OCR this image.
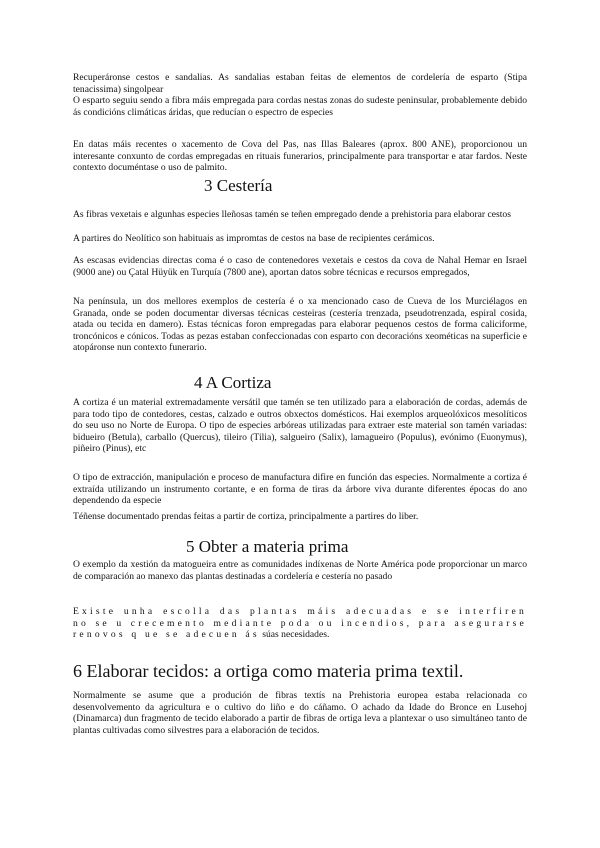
Recuperáronse cestos e sandalias. As sandalias estaban feitas de elementos de cordelería de esparto (Stipa tenacissima) singolpear

O esparto seguiu sendo a fibra máis empregada para cordas nestas zonas do sudeste peninsular, probablemente debido ás condicións climáticas áridas, que reducían o espectro de especies

En datas máis recentes o xacemento de Cova del Pas, nas Illas Baleares (aprox. 800 ANE), proporcionou un interesante conxunto de cordas empregadas en rituais funerarios, principalmente para transportar e atar fardos. Neste contexto documéntase o uso de palmito.

3 Cestería

As fibras vexetais e algunhas especies lleñosas tamén se teñen empregado dende a prehistoria para elaborar cestos

A partires do Neolítico son habituais as impromtas de cestos na base de recipientes cerámicos.

As escasas evidencias directas coma é o caso de contenedores vexetais e cestos da cova de Nahal Hemar en Israel (9000 ane) ou Çatal Hüyük en Turquía (7800 ane), aportan datos sobre técnicas e recursos empregados,

Na península, un dos mellores exemplos de cestería é o xa mencionado caso de Cueva de los Murciélagos en Granada, onde se poden documentar diversas técnicas cesteiras (cestería trenzada, pseudotrenzada, espiral cosida, atada ou tecida en damero). Estas técnicas foron empregadas para elaborar pequenos cestos de forma caliciforme, troncónicos e cónicos. Todas as pezas estaban confeccionadas con esparto con decoracións xeométicas na superficie e atopáronse nun contexto funerario.

4 A Cortiza

A cortiza é un material extremadamente versátil que tamén se ten utilizado para a elaboración de cordas, además de para todo tipo de contedores, cestas, calzado e outros obxectos domésticos. Hai exemplos arqueolóxicos mesolíticos do seu uso no Norte de Europa. O tipo de especies arbóreas utilizadas para extraer este material son tamén variadas: bidueiro (Betula), carballo (Quercus), tileiro (Tilia), salgueiro (Salix), lamagueiro (Populus), evónimo (Euonymus), piñeiro (Pinus), etc

O tipo de extracción, manipulación e proceso de manufactura difire en función das especies. Normalmente a cortiza é extraída utilizando un instrumento cortante, e en forma de tiras da árbore viva durante diferentes épocas do ano dependendo da especie

Téñense documentado prendas feitas a partir de cortiza, principalmente a partires do liber.

5 Obter a materia prima

O exemplo da xestión da matogueira entre as comunidades indíxenas de Norte América pode proporcionar un marco de comparación ao manexo das plantas destinadas a cordelería e cestería no pasado

Existe unha escolla das plantas máis adecuadas e se interfiren no se u crecemento mediante poda ou incendios, para asegurarse renovos q ue se adecuen ás súas necesidades.

6 Elaborar tecidos: a ortiga como materia prima textil.

Normalmente se asume que a produción de fibras textís na Prehistoria europea estaba relacionada co desenvolvemento da agricultura e o cultivo do liño e do cáñamo. O achado da Idade do Bronce en Lusehoj (Dinamarca) dun fragmento de tecido elaborado a partir de fibras de ortiga leva a plantexar o uso simultáneo tanto de plantas cultivadas como silvestres para a elaboración de tecidos.
